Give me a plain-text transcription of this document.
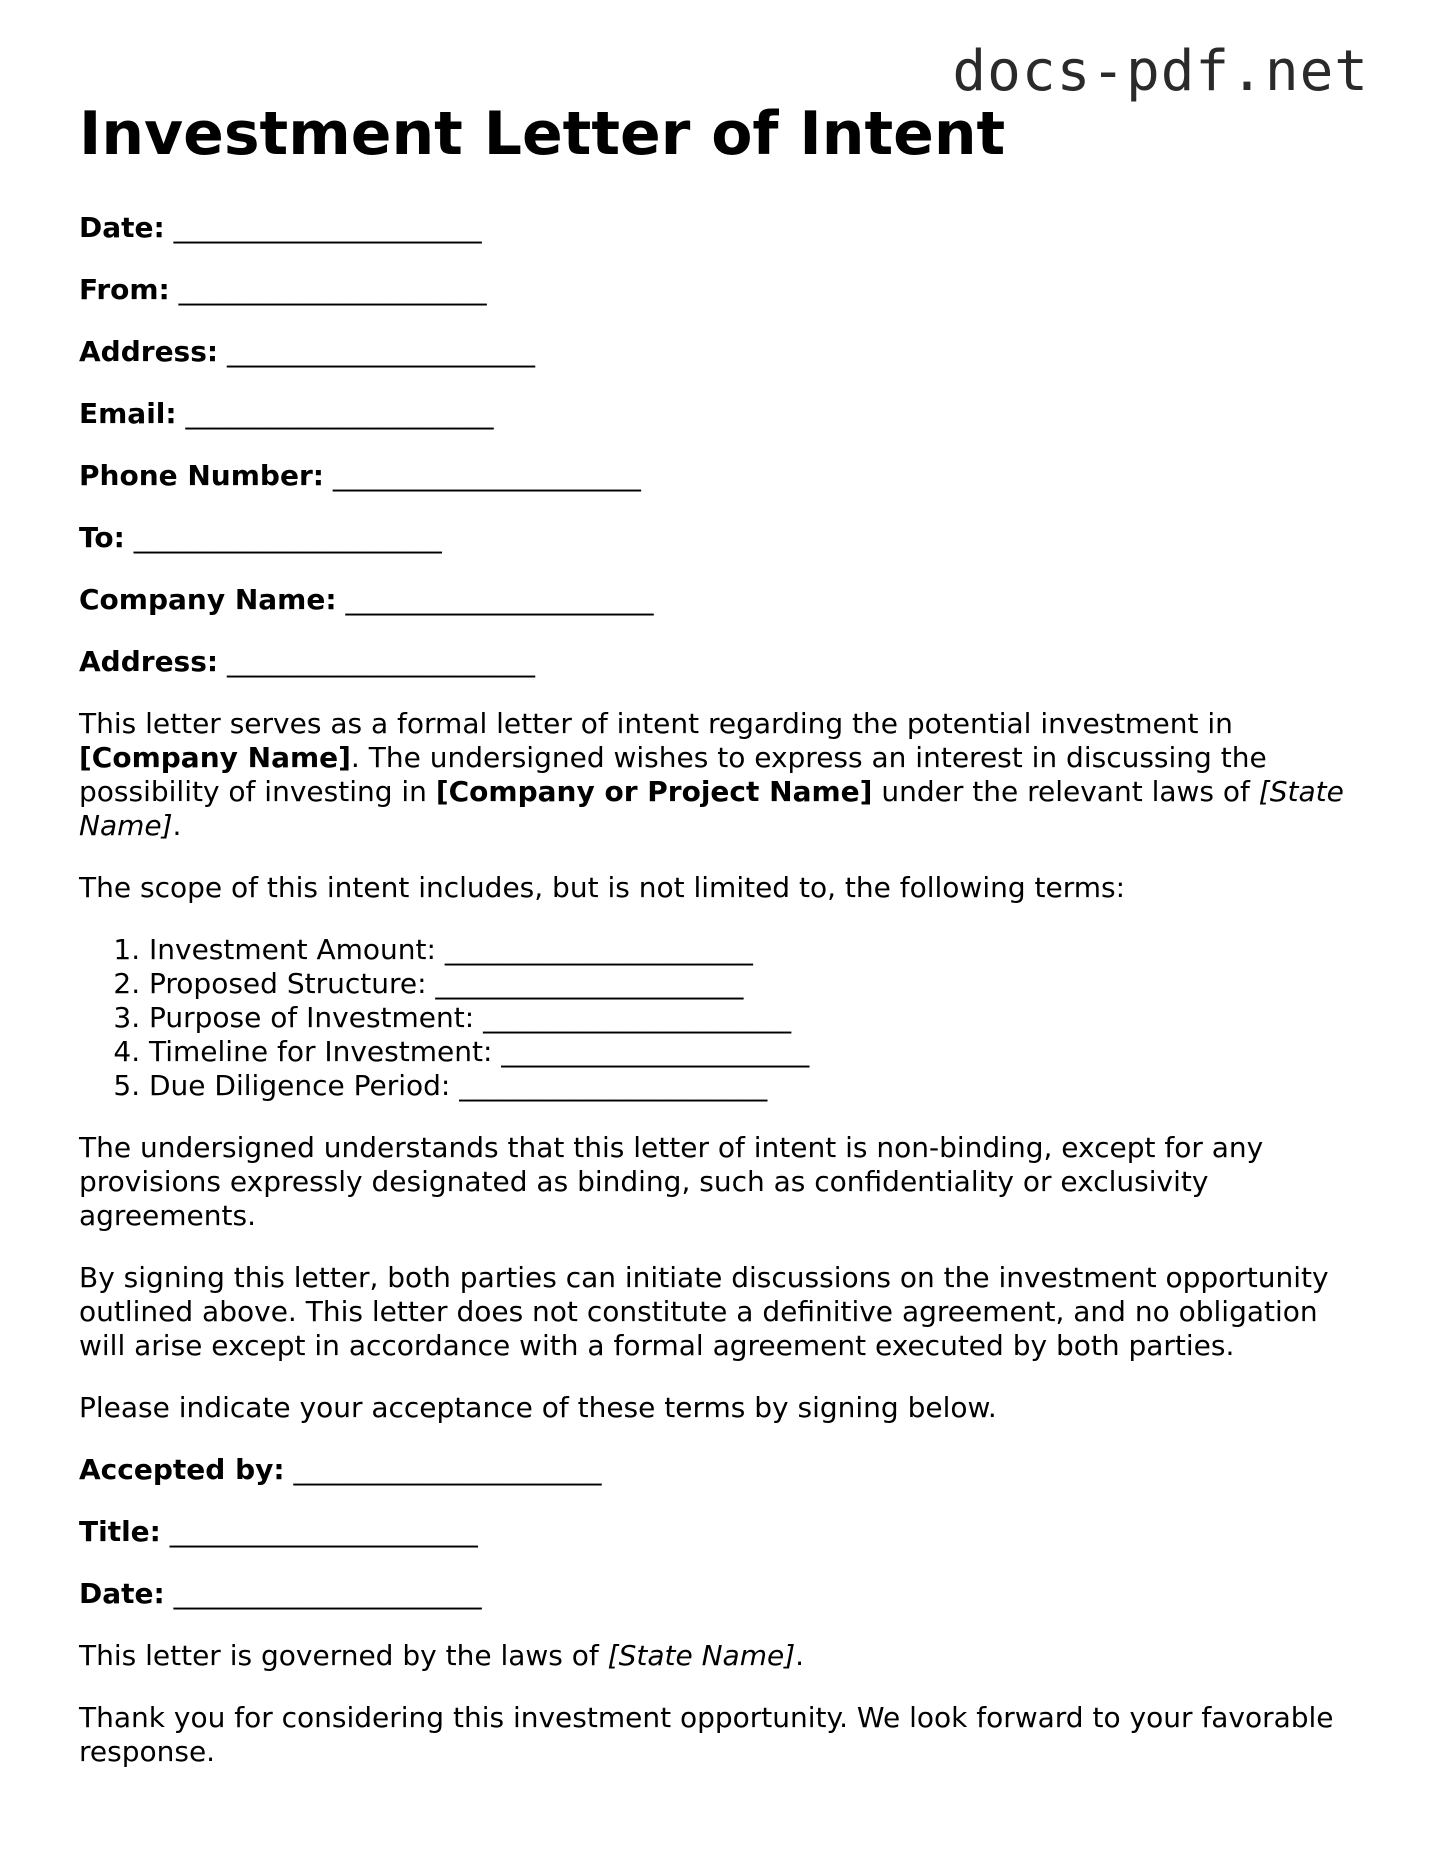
docs-pdf.net
Investment Letter of Intent

Date: ______________________

From: ______________________

Address: ______________________

Email: ______________________

Phone Number: ______________________

To: ______________________

Company Name: ______________________

Address: ______________________

This letter serves as a formal letter of intent regarding the potential investment in [Company Name]. The undersigned wishes to express an interest in discussing the possibility of investing in [Company or Project Name] under the relevant laws of [State Name].

The scope of this intent includes, but is not limited to, the following terms:

1. Investment Amount: ______________________
2. Proposed Structure: ______________________
3. Purpose of Investment: ______________________
4. Timeline for Investment: ______________________
5. Due Diligence Period: ______________________

The undersigned understands that this letter of intent is non-binding, except for any provisions expressly designated as binding, such as confidentiality or exclusivity agreements.

By signing this letter, both parties can initiate discussions on the investment opportunity outlined above. This letter does not constitute a definitive agreement, and no obligation will arise except in accordance with a formal agreement executed by both parties.

Please indicate your acceptance of these terms by signing below.

Accepted by: ______________________

Title: ______________________

Date: ______________________

This letter is governed by the laws of [State Name].

Thank you for considering this investment opportunity. We look forward to your favorable response.
